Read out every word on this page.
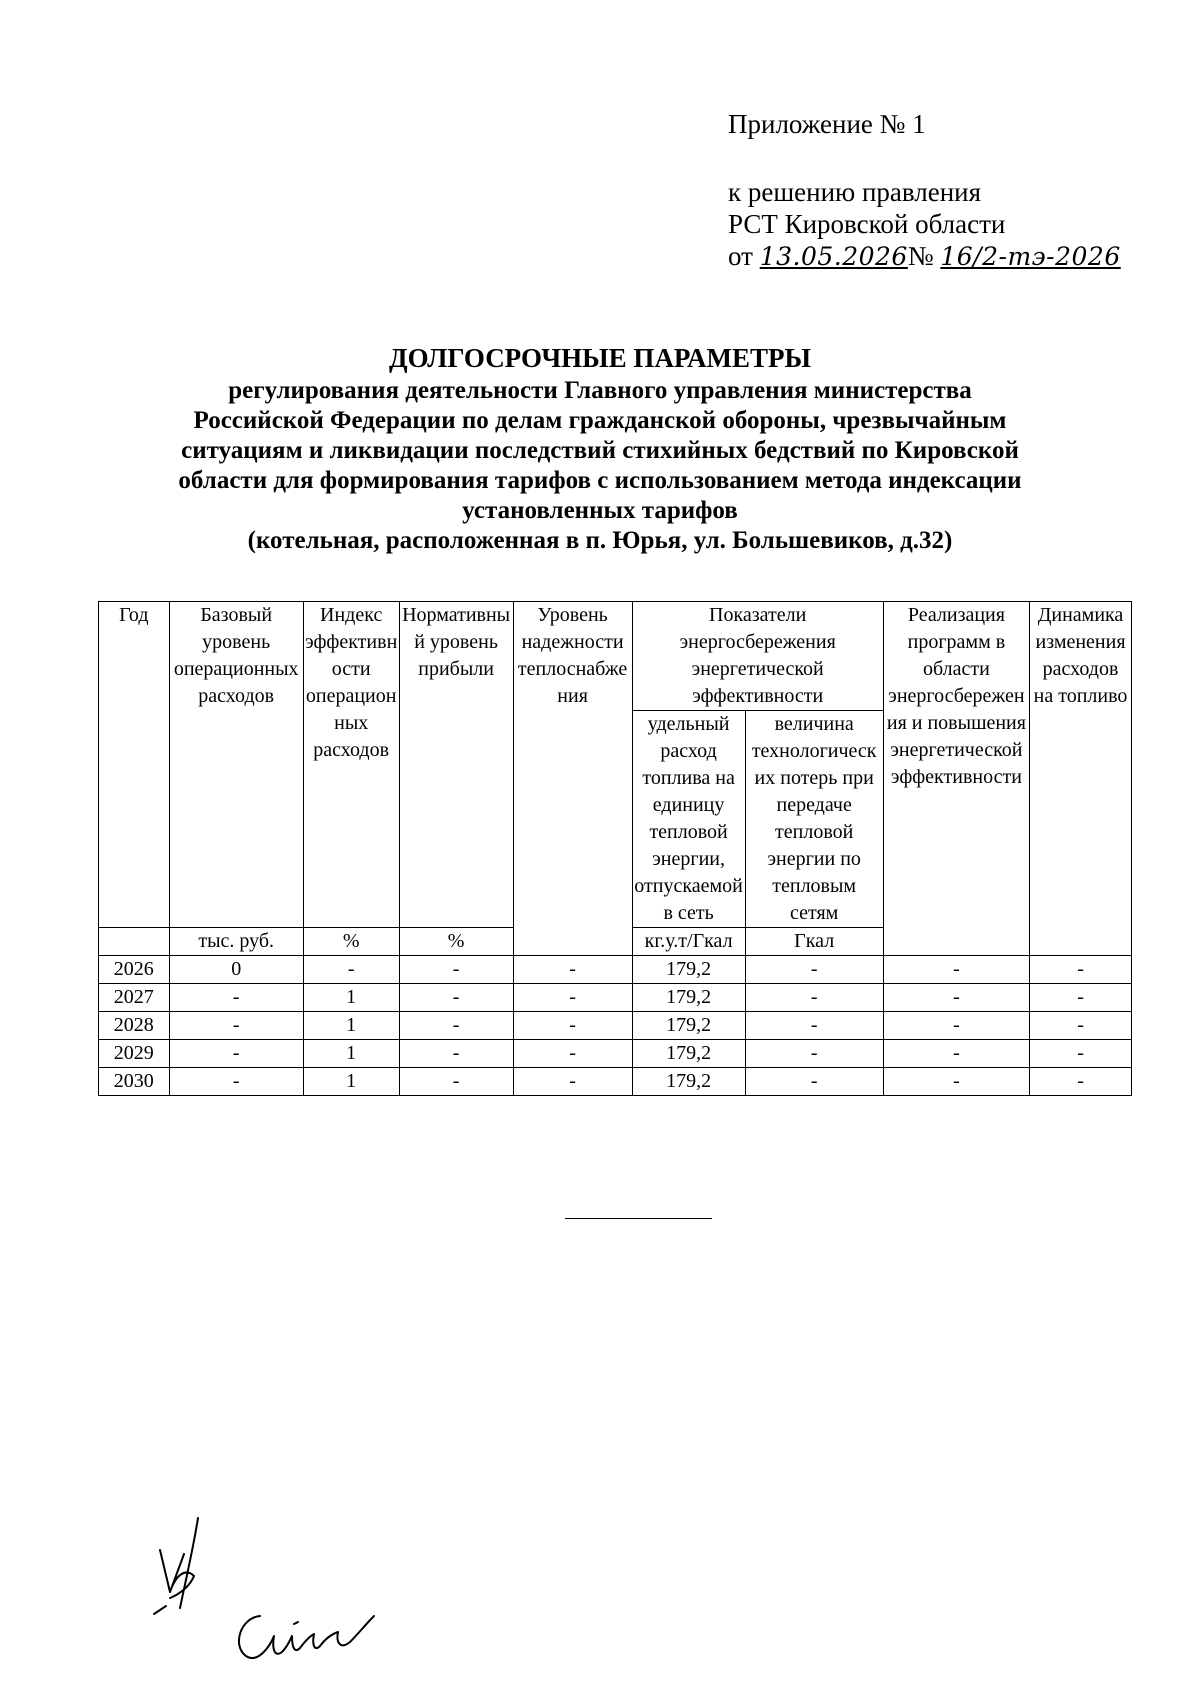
Приложение № 1
к решению правления
РСТ Кировской области
от 13.05.2026№ 16/2-тэ-2026
ДОЛГОСРОЧНЫЕ ПАРАМЕТРЫ
регулирования деятельности Главного управления министерства
Российской Федерации по делам гражданской обороны, чрезвычайным
ситуациям и ликвидации последствий стихийных бедствий по Кировской
области для формирования тарифов с использованием метода индексации
установленных тарифов
(котельная, расположенная в п. Юрья, ул. Большевиков, д.32)
Год	Базовый уровень операционных расходов	Индекс эффективности операционных расходов	Нормативный уровень прибыли	Уровень надежности теплоснабжения	Показатели энергосбережения энергетической эффективности		Реализация программ в области энергосбережения и повышения энергетической эффективности	Динамика изменения расходов на топливо
					удельный расход топлива на единицу тепловой энергии, отпускаемой в сеть	величина технологических потерь при передаче тепловой энергии по тепловым сетям		
	тыс. руб.	%	%		кг.у.т/Гкал	Гкал		
2026	0	-	-	-	179,2	-	-	-
2027	-	1	-	-	179,2	-	-	-
2028	-	1	-	-	179,2	-	-	-
2029	-	1	-	-	179,2	-	-	-
2030	-	1	-	-	179,2	-	-	-
